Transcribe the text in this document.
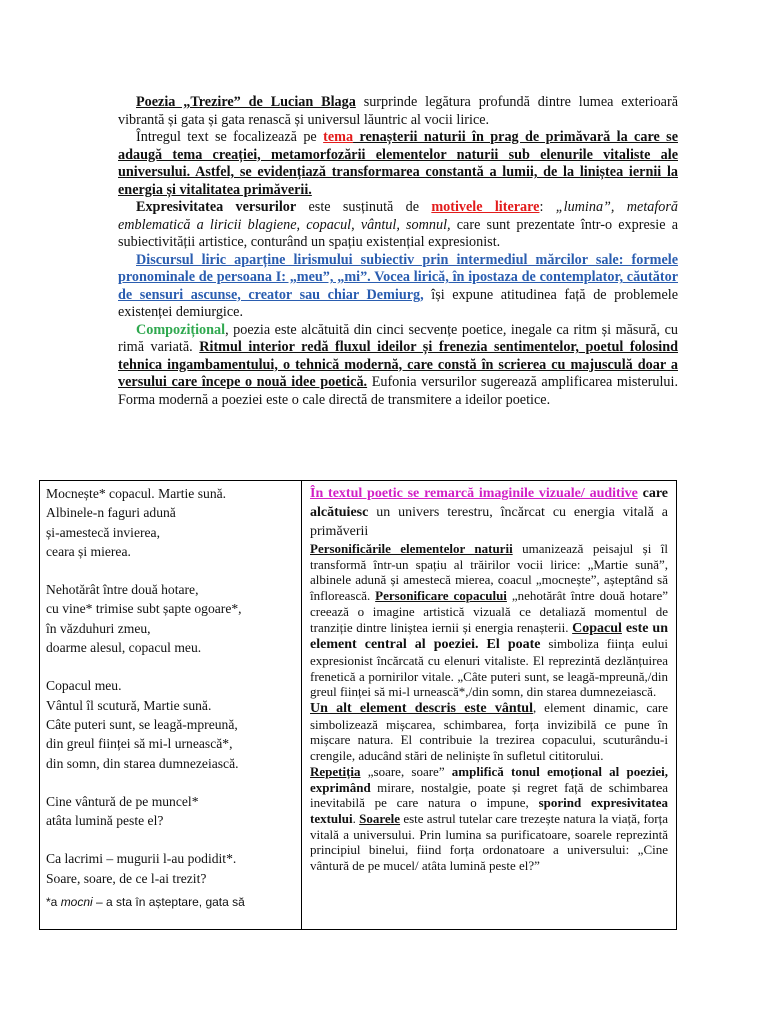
Poezia „Trezire” de Lucian Blaga surprinde legătura profundă dintre lumea exterioară vibrantă și gata și gata renască și universul lăuntric al vocii lirice.

Întregul text se focalizează pe tema renașterii naturii în prag de primăvară la care se adaugă tema creației, metamorfozării elementelor naturii sub elenurile vitaliste ale universului. Astfel, se evidențiază transformarea constantă a lumii, de la liniștea iernii la energia și vitalitatea primăverii.

Expresivitatea versurilor este susținută de motivele literare: „lumina”, metaforă emblematică a liricii blagiene, copacul, vântul, somnul, care sunt prezentate într-o expresie a subiectivității artistice, conturând un spațiu existențial expresionist.

Discursul liric aparține lirismului subiectiv prin intermediul mărcilor sale: formele pronominale de persoana I: „meu”, „mi”. Vocea lirică, în ipostaza de contemplator, căutător de sensuri ascunse, creator sau chiar Demiurg, își expune atitudinea față de problemele existenței demiurgice.

Compozițional, poezia este alcătuită din cinci secvențe poetice, inegale ca ritm și măsură, cu rimă variată. Ritmul interior redă fluxul ideilor și frenezia sentimentelor, poetul folosind tehnica ingambamentului, o tehnică modernă, care constă în scrierea cu majusculă doar a versului care începe o nouă idee poetică. Eufonia versurilor sugerează amplificarea misterului. Forma modernă a poeziei este o cale directă de transmitere a ideilor poetice.

Mocnește* copacul. Martie sună.
Albinele-n faguri adună
și-amestecă invierea,
ceara și mierea.
Nehotărât între două hotare,
cu vine* trimise subt șapte ogoare*,
în văzduhuri zmeu,
doarme alesul, copacul meu.
Copacul meu.
Vântul îl scutură, Martie sună.
Câte puteri sunt, se leagă-mpreună,
din greul ființei să mi-l urnească*,
din somn, din starea dumnezeiască.
Cine vântură de pe muncel*
atâta lumină peste el?
Ca lacrimi – mugurii l-au podidit*.
Soare, soare, de ce l-ai trezit?
*a mocni – a sta în așteptare, gata să

În textul poetic se remarcă imaginile vizuale/ auditive care alcătuiesc un univers terestru, încărcat cu energia vitală a primăverii

Personificările elementelor naturii umanizează peisajul și îl transformă într-un spațiu al trăirilor vocii lirice: „Martie sună”, albinele adună și amestecă mierea, coacul „mocnește”, așteptând să înflorească. Personificare copacului „nehotărât între două hotare” creează o imagine artistică vizuală ce detaliază momentul de tranziție dintre liniștea iernii și energia renașterii. Copacul este un element central al poeziei. El poate simboliza ființa eului expresionist încărcată cu elenuri vitaliste. El reprezintă dezlănțuirea frenetică a pornirilor vitale. „Câte puteri sunt, se leagă-mpreună,/din greul ființei să mi-l urnească*,/din somn, din starea dumnezeiască.

Un alt element descris este vântul, element dinamic, care simbolizează mișcarea, schimbarea, forța invizibilă ce pune în mișcare natura. El contribuie la trezirea copacului, scuturându-i crengile, aducând stări de neliniște în sufletul cititorului.

Repetiția „soare, soare” amplifică tonul emoțional al poeziei, exprimând mirare, nostalgie, poate și regret față de schimbarea inevitabilă pe care natura o impune, sporind expresivitatea textului. Soarele este astrul tutelar care trezește natura la viață, forța vitală a universului. Prin lumina sa purificatoare, soarele reprezintă principiul binelui, fiind forța ordonatoare a universului: „Cine vântură de pe mucel/ atâta lumină peste el?”
